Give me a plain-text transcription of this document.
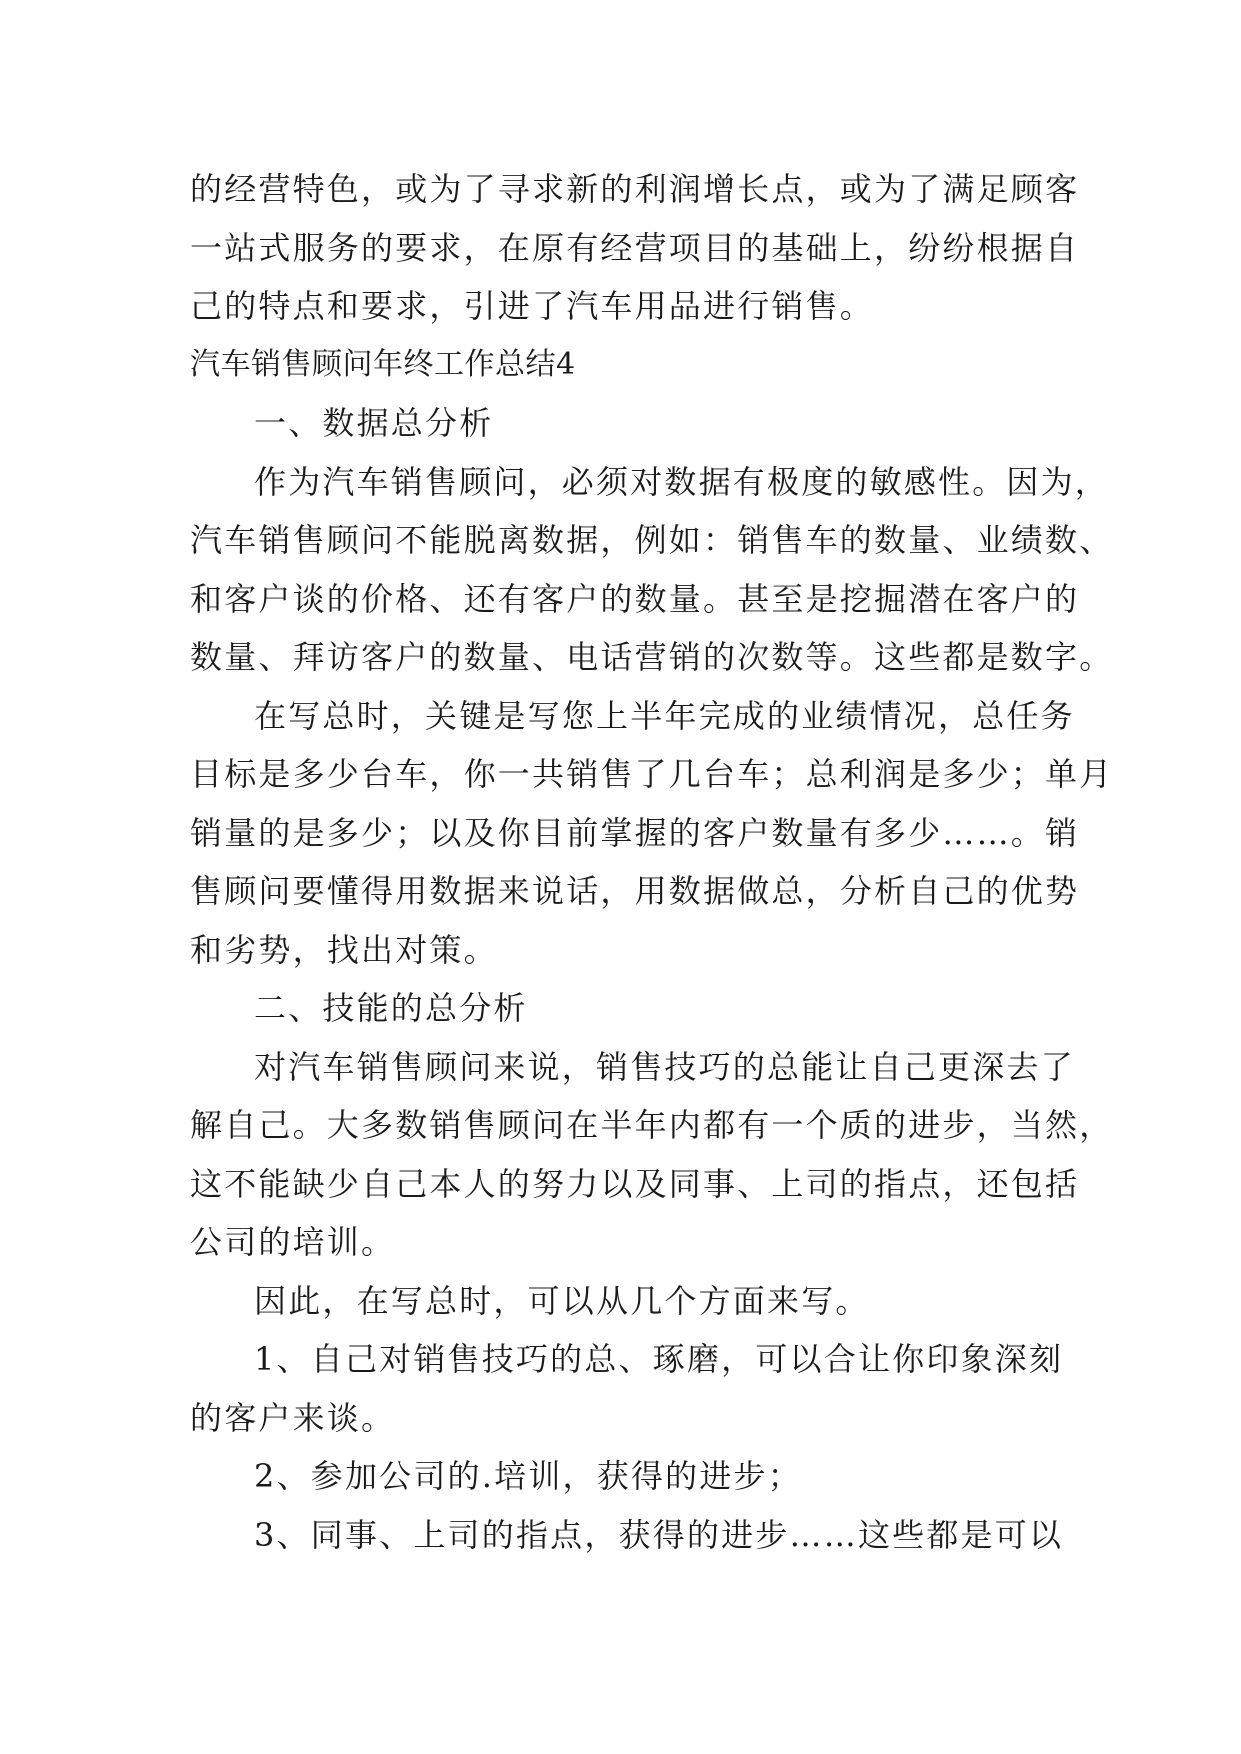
的经营特色，或为了寻求新的利润增长点，或为了满足顾客
一站式服务的要求，在原有经营项目的基础上，纷纷根据自
己的特点和要求，引进了汽车用品进行销售。
汽车销售顾问年终工作总结4
一、数据总分析
作为汽车销售顾问，必须对数据有极度的敏感性。因为，
汽车销售顾问不能脱离数据，例如：销售车的数量、业绩数、
和客户谈的价格、还有客户的数量。甚至是挖掘潜在客户的
数量、拜访客户的数量、电话营销的次数等。这些都是数字。
在写总时，关键是写您上半年完成的业绩情况，总任务
目标是多少台车，你一共销售了几台车；总利润是多少；单月
销量的是多少；以及你目前掌握的客户数量有多少……。销
售顾问要懂得用数据来说话，用数据做总，分析自己的优势
和劣势，找出对策。
二、技能的总分析
对汽车销售顾问来说，销售技巧的总能让自己更深去了
解自己。大多数销售顾问在半年内都有一个质的进步，当然，
这不能缺少自己本人的努力以及同事、上司的指点，还包括
公司的培训。
因此，在写总时，可以从几个方面来写。
1、自己对销售技巧的总、琢磨，可以合让你印象深刻
的客户来谈。
2、参加公司的.培训，获得的进步；
3、同事、上司的指点，获得的进步……这些都是可以
